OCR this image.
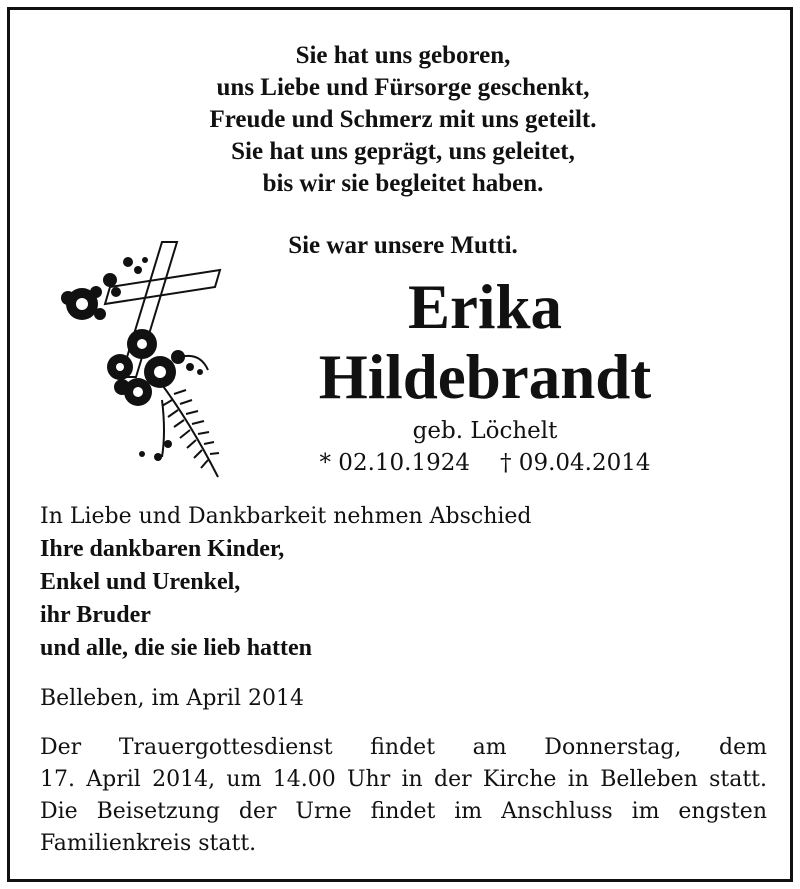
Sie hat uns geboren,
uns Liebe und Fürsorge geschenkt,
Freude und Schmerz mit uns geteilt.
Sie hat uns geprägt, uns geleitet,
bis wir sie begleitet haben.
Sie war unsere Mutti.
Erika
Hildebrandt
geb. Löchelt
* 02.10.1924 † 09.04.2014
In Liebe und Dankbarkeit nehmen Abschied
Ihre dankbaren Kinder,
Enkel und Urenkel,
ihr Bruder
und alle, die sie lieb hatten
Belleben, im April 2014
Der Trauergottesdienst findet am Donnerstag, dem
17. April 2014, um 14.00 Uhr in der Kirche in Belleben statt.
Die Beisetzung der Urne findet im Anschluss im engsten
Familienkreis statt.
